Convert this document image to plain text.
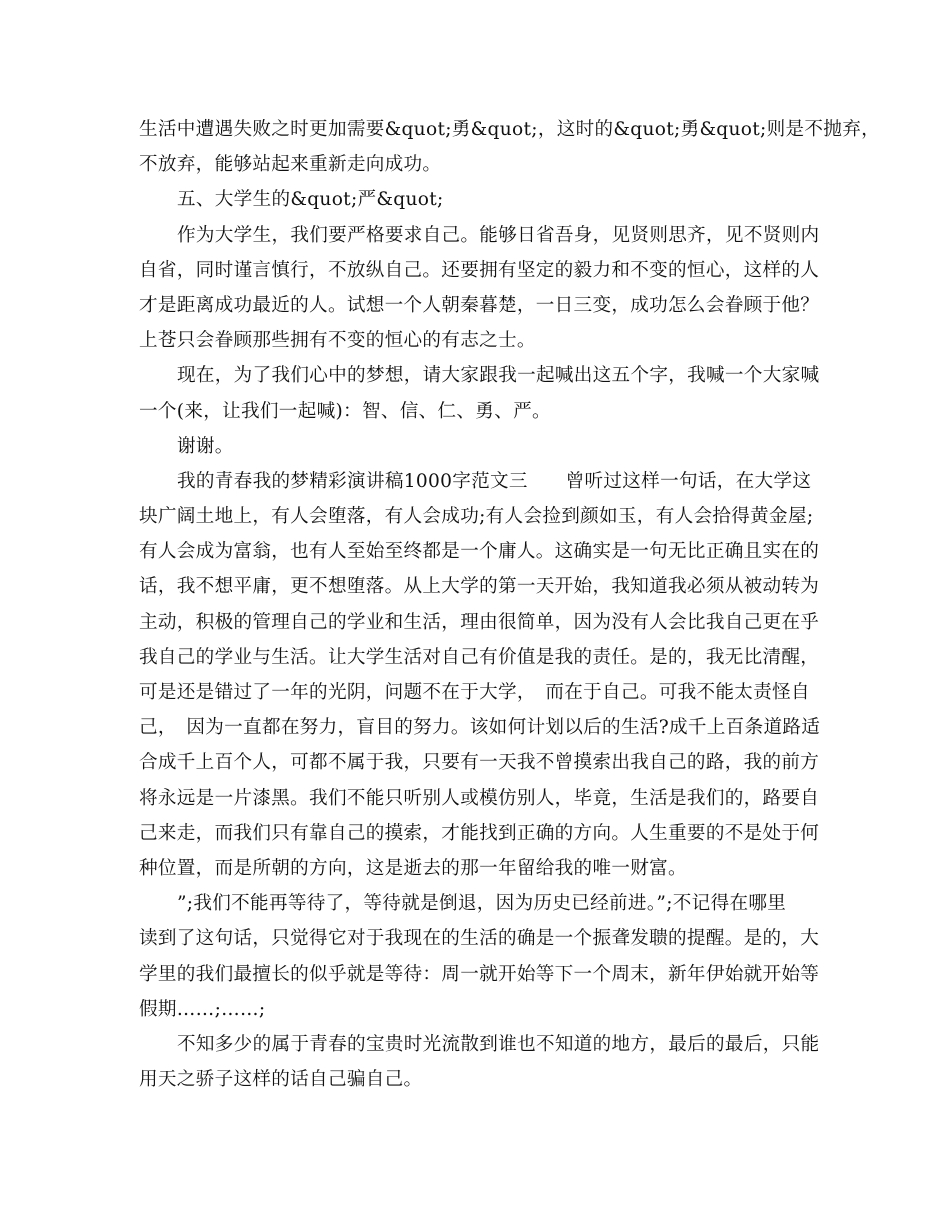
生活中遭遇失败之时更加需要&quot;勇&quot;，这时的&quot;勇&quot;则是不抛弃，
不放弃，能够站起来重新走向成功。
五、大学生的&quot;严&quot;
作为大学生，我们要严格要求自己。能够日省吾身，见贤则思齐，见不贤则内
自省，同时谨言慎行，不放纵自己。还要拥有坚定的毅力和不变的恒心，这样的人
才是距离成功最近的人。试想一个人朝秦暮楚，一日三变，成功怎么会眷顾于他？
上苍只会眷顾那些拥有不变的恒心的有志之士。
现在，为了我们心中的梦想，请大家跟我一起喊出这五个字，我喊一个大家喊
一个(来，让我们一起喊)：智、信、仁、勇、严。
谢谢。
我的青春我的梦精彩演讲稿1000字范文三　　曾听过这样一句话，在大学这
块广阔土地上，有人会堕落，有人会成功;有人会捡到颜如玉，有人会拾得黄金屋;
有人会成为富翁，也有人至始至终都是一个庸人。这确实是一句无比正确且实在的
话，我不想平庸，更不想堕落。从上大学的第一天开始，我知道我必须从被动转为
主动，积极的管理自己的学业和生活，理由很简单，因为没有人会比我自己更在乎
我自己的学业与生活。让大学生活对自己有价值是我的责任。是的，我无比清醒，
可是还是错过了一年的光阴，问题不在于大学，　而在于自己。可我不能太责怪自
己，　因为一直都在努力，盲目的努力。该如何计划以后的生活?成千上百条道路适
合成千上百个人，可都不属于我，只要有一天我不曾摸索出我自己的路，我的前方
将永远是一片漆黑。我们不能只听别人或模仿别人，毕竟，生活是我们的，路要自
己来走，而我们只有靠自己的摸索，才能找到正确的方向。人生重要的不是处于何
种位置，而是所朝的方向，这是逝去的那一年留给我的唯一财富。
”;我们不能再等待了，等待就是倒退，因为历史已经前进。”;不记得在哪里
读到了这句话，只觉得它对于我现在的生活的确是一个振聋发聩的提醒。是的，大
学里的我们最擅长的似乎就是等待：周一就开始等下一个周末，新年伊始就开始等
假期……;……;
不知多少的属于青春的宝贵时光流散到谁也不知道的地方，最后的最后，只能
用天之骄子这样的话自己骗自己。
